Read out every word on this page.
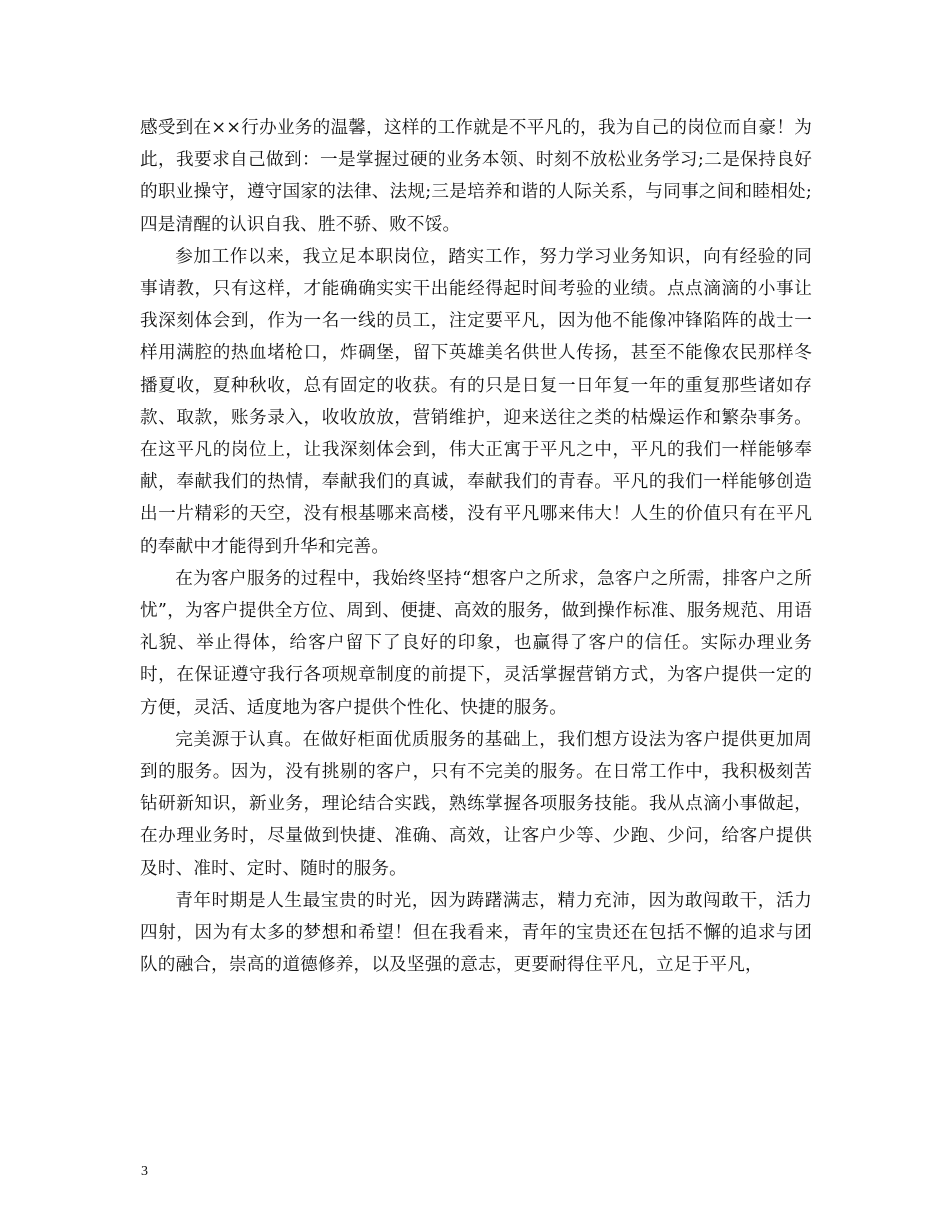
感受到在××行办业务的温馨，这样的工作就是不平凡的，我为自己的岗位而自豪！为此，我要求自己做到：一是掌握过硬的业务本领、时刻不放松业务学习;二是保持良好的职业操守，遵守国家的法律、法规;三是培养和谐的人际关系，与同事之间和睦相处;四是清醒的认识自我、胜不骄、败不馁。

参加工作以来，我立足本职岗位，踏实工作，努力学习业务知识，向有经验的同事请教，只有这样，才能确确实实干出能经得起时间考验的业绩。点点滴滴的小事让我深刻体会到，作为一名一线的员工，注定要平凡，因为他不能像冲锋陷阵的战士一样用满腔的热血堵枪口，炸碉堡，留下英雄美名供世人传扬，甚至不能像农民那样冬播夏收，夏种秋收，总有固定的收获。有的只是日复一日年复一年的重复那些诸如存款、取款，账务录入，收收放放，营销维护，迎来送往之类的枯燥运作和繁杂事务。在这平凡的岗位上，让我深刻体会到，伟大正寓于平凡之中，平凡的我们一样能够奉献，奉献我们的热情，奉献我们的真诚，奉献我们的青春。平凡的我们一样能够创造出一片精彩的天空，没有根基哪来高楼，没有平凡哪来伟大！人生的价值只有在平凡的奉献中才能得到升华和完善。

在为客户服务的过程中，我始终坚持“想客户之所求，急客户之所需，排客户之所忧”，为客户提供全方位、周到、便捷、高效的服务，做到操作标准、服务规范、用语礼貌、举止得体，给客户留下了良好的印象，也赢得了客户的信任。实际办理业务时，在保证遵守我行各项规章制度的前提下，灵活掌握营销方式，为客户提供一定的方便，灵活、适度地为客户提供个性化、快捷的服务。

完美源于认真。在做好柜面优质服务的基础上，我们想方设法为客户提供更加周到的服务。因为，没有挑剔的客户，只有不完美的服务。在日常工作中，我积极刻苦钻研新知识，新业务，理论结合实践，熟练掌握各项服务技能。我从点滴小事做起，在办理业务时，尽量做到快捷、准确、高效，让客户少等、少跑、少问，给客户提供及时、准时、定时、随时的服务。

青年时期是人生最宝贵的时光，因为踌躇满志，精力充沛，因为敢闯敢干，活力四射，因为有太多的梦想和希望！但在我看来，青年的宝贵还在包括不懈的追求与团队的融合，崇高的道德修养，以及坚强的意志，更要耐得住平凡，立足于平凡，

3
